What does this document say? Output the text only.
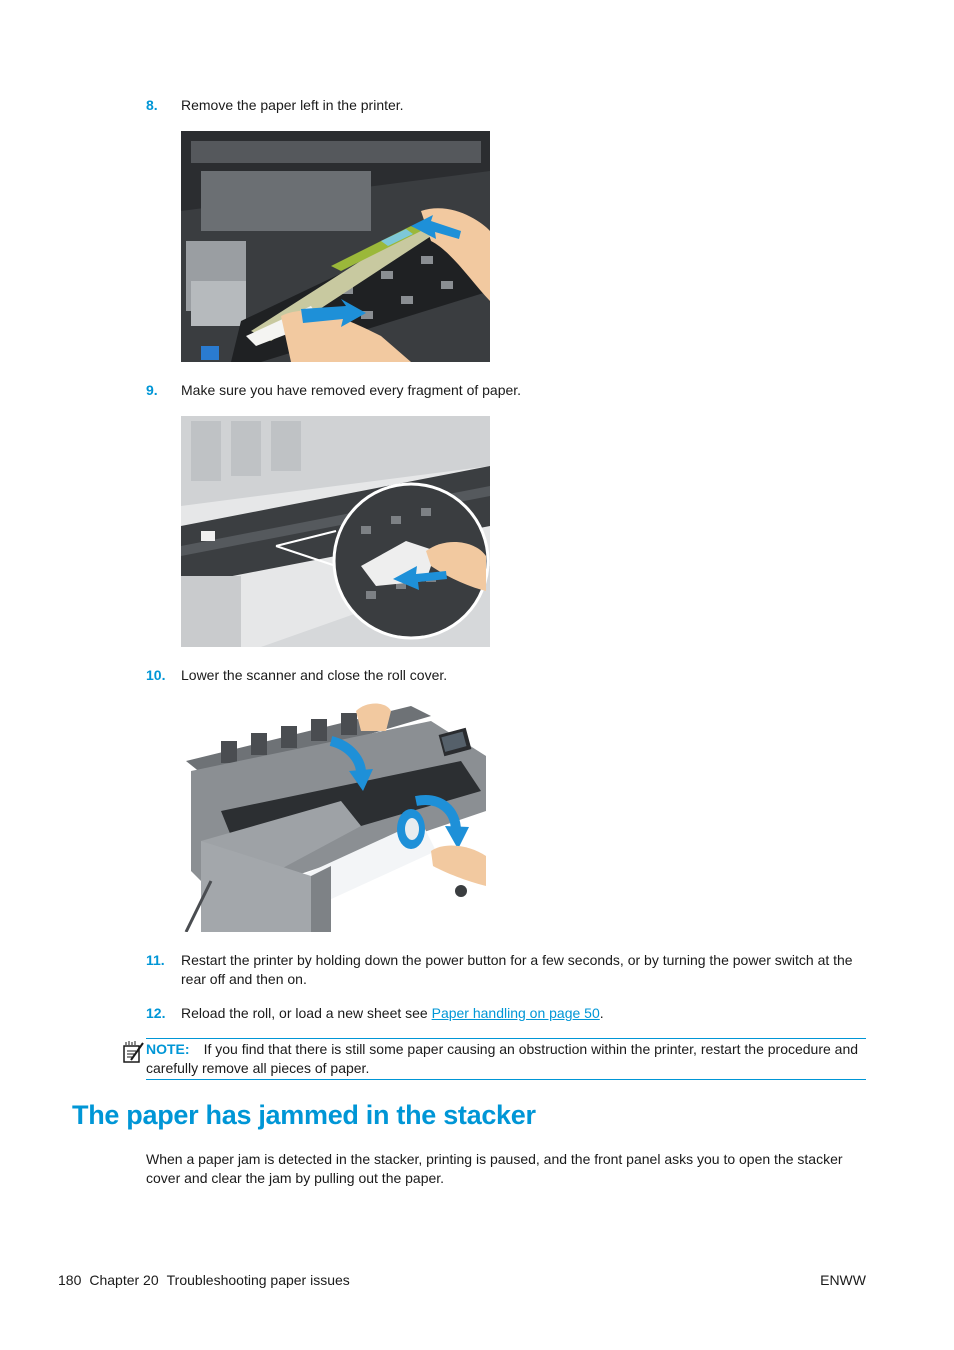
8. Remove the paper left in the printer.
9. Make sure you have removed every fragment of paper.
10. Lower the scanner and close the roll cover.
11. Restart the printer by holding down the power button for a few seconds, or by turning the power switch at the rear off and then on.
12. Reload the roll, or load a new sheet see Paper handling on page 50.
NOTE: If you find that there is still some paper causing an obstruction within the printer, restart the procedure and carefully remove all pieces of paper.
The paper has jammed in the stacker
When a paper jam is detected in the stacker, printing is paused, and the front panel asks you to open the stacker cover and clear the jam by pulling out the paper.
180 Chapter 20 Troubleshooting paper issues	ENWW
